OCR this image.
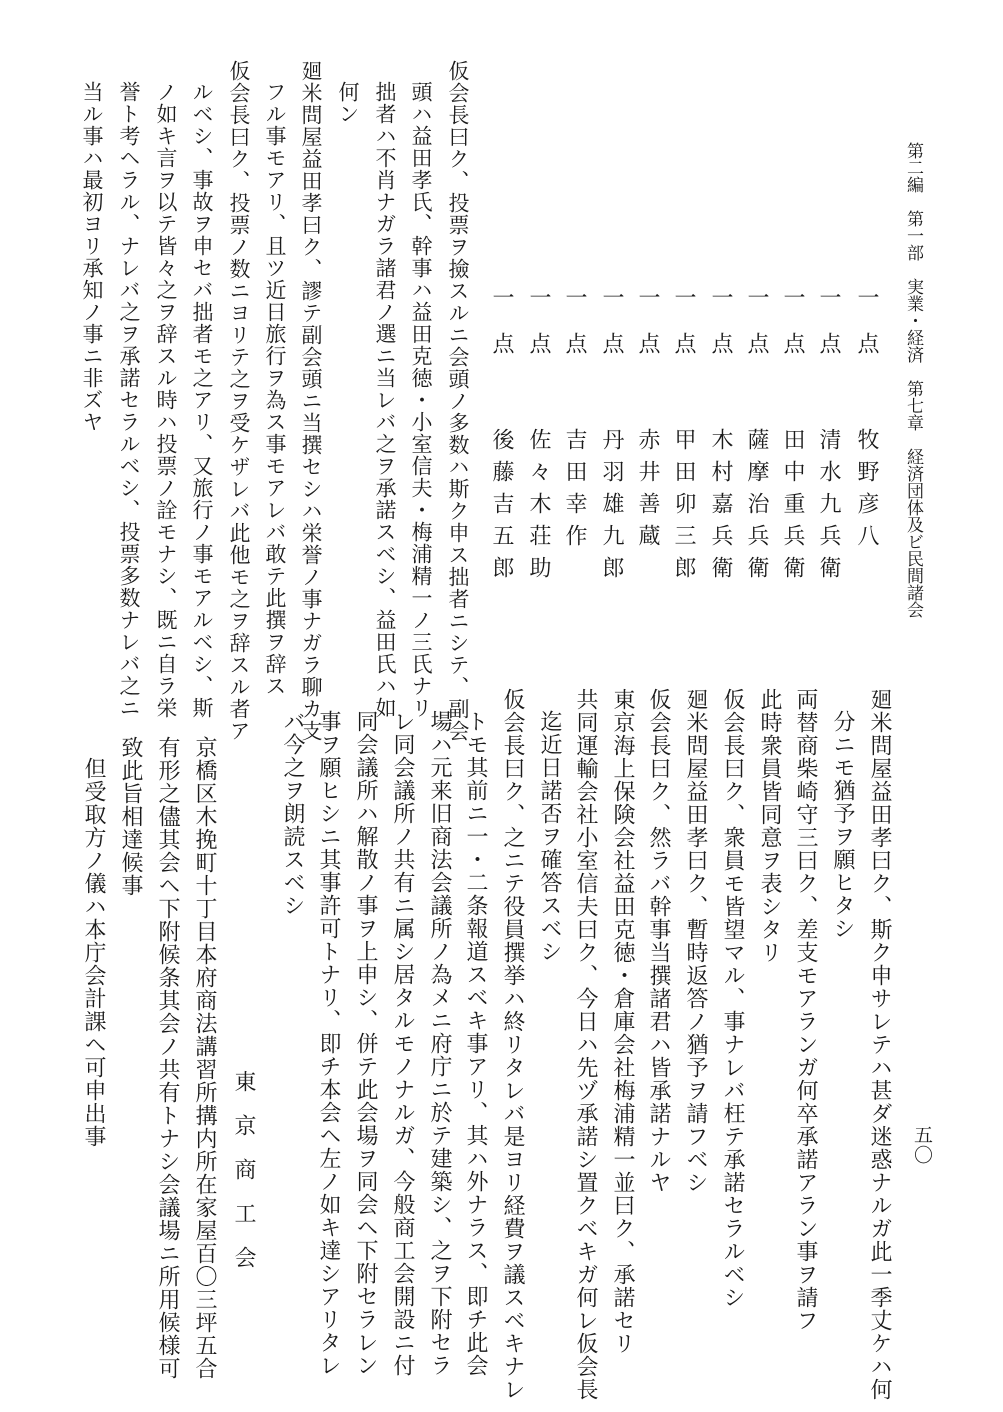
第二編　第一部　実業・経済　第七章　経済団体及ビ民間諸会
五〇
一　点
牧野彦八
一　点
清水九兵衛
一　点
田中重兵衛
一　点
薩摩治兵衛
一　点
木村嘉兵衛
一　点
甲田卯三郎
一　点
赤井善蔵
一　点
丹羽雄九郎
一　点
吉田幸作
一　点
佐々木荘助
一　点
後藤吉五郎
仮会長曰ク、投票ヲ撿スルニ会頭ノ多数ハ斯ク申ス拙者ニシテ、副会
頭ハ益田孝氏、幹事ハ益田克徳・小室信夫・梅浦精一ノ三氏ナリ
拙者ハ不肖ナガラ諸君ノ選ニ当レバ之ヲ承諾スベシ、益田氏ハ如
何ン
廻米問屋益田孝曰ク、謬テ副会頭ニ当撰セシハ栄誉ノ事ナガラ聊カ支
フル事モアリ、且ツ近日旅行ヲ為ス事モアレバ敢テ此撰ヲ辞ス
仮会長曰ク、投票ノ数ニヨリテ之ヲ受ケザレバ此他モ之ヲ辞スル者ア
ルベシ、事故ヲ申セバ拙者モ之アリ、又旅行ノ事モアルベシ、斯
ノ如キ言ヲ以テ皆々之ヲ辞スル時ハ投票ノ詮モナシ、既ニ自ラ栄
誉ト考ヘラル、ナレバ之ヲ承諾セラルベシ、投票多数ナレバ之ニ
当ル事ハ最初ヨリ承知ノ事ニ非ズヤ
廻米問屋益田孝曰ク、斯ク申サレテハ甚ダ迷惑ナルガ此一季丈ケハ何
分ニモ猶予ヲ願ヒタシ
両替商柴崎守三曰ク、差支モアランガ何卒承諾アラン事ヲ請フ
此時衆員皆同意ヲ表シタリ
仮会長曰ク、衆員モ皆望マル、事ナレバ枉テ承諾セラルベシ
廻米問屋益田孝曰ク、暫時返答ノ猶予ヲ請フベシ
仮会長曰ク、然ラバ幹事当撰諸君ハ皆承諾ナルヤ
東京海上保険会社益田克徳・倉庫会社梅浦精一並曰ク、承諾セリ
共同運輸会社小室信夫曰ク、今日ハ先ヅ承諾シ置クベキガ何レ仮会長
迄近日諾否ヲ確答スベシ
仮会長曰ク、之ニテ役員撰挙ハ終リタレバ是ヨリ経費ヲ議スベキナレ
トモ其前ニ一・二条報道スベキ事アリ、其ハ外ナラス、即チ此会
場ハ元来旧商法会議所ノ為メニ府庁ニ於テ建築シ、之ヲ下附セラ
レ同会議所ノ共有ニ属シ居タルモノナルガ、今般商工会開設ニ付
同会議所ハ解散ノ事ヲ上申シ、併テ此会場ヲ同会ヘ下附セラレン
事ヲ願ヒシニ其事許可トナリ、即チ本会ヘ左ノ如キ達シアリタレ
バ今之ヲ朗読スベシ
東京商工会
京橋区木挽町十丁目本府商法講習所搆内所在家屋百〇三坪五合
有形之儘其会ヘ下附候条其会ノ共有トナシ会議場ニ所用候様可
致此旨相達候事
但受取方ノ儀ハ本庁会計課ヘ可申出事
